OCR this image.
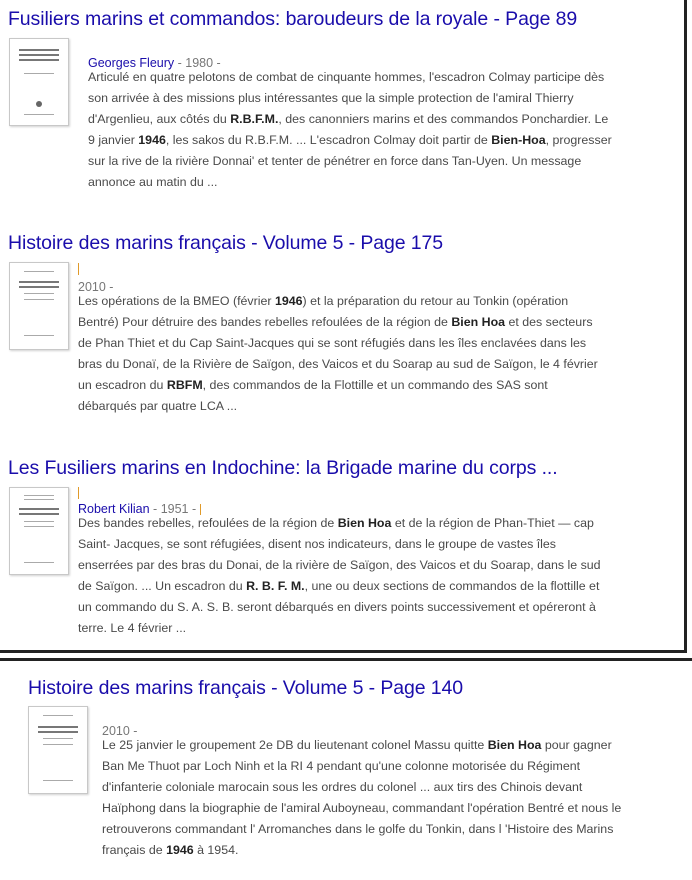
Fusiliers marins et commandos: baroudeurs de la royale - Page 89
Georges Fleury - 1980 -
Articulé en quatre pelotons de combat de cinquante hommes, l'escadron Colmay participe dès
son arrivée à des missions plus intéressantes que la simple protection de l'amiral Thierry
d'Argenlieu, aux côtés du R.B.F.M., des canonniers marins et des commandos Ponchardier. Le
9 janvier 1946, les sakos du R.B.F.M. ... L'escadron Colmay doit partir de Bien-Hoa, progresser
sur la rive de la rivière Donnai' et tenter de pénétrer en force dans Tan-Uyen. Un message
annonce au matin du ...
Histoire des marins français - Volume 5 - Page 175
2010 -
Les opérations de la BMEO (février 1946) et la préparation du retour au Tonkin (opération
Bentré) Pour détruire des bandes rebelles refoulées de la région de Bien Hoa et des secteurs
de Phan Thiet et du Cap Saint-Jacques qui se sont réfugiés dans les îles enclavées dans les
bras du Donaï, de la Rivière de Saïgon, des Vaicos et du Soarap au sud de Saïgon, le 4 février
un escadron du RBFM, des commandos de la Flottille et un commando des SAS sont
débarqués par quatre LCA ...
Les Fusiliers marins en Indochine: la Brigade marine du corps ...
Robert Kilian - 1951 -
Des bandes rebelles, refoulées de la région de Bien Hoa et de la région de Phan-Thiet — cap
Saint- Jacques, se sont réfugiées, disent nos indicateurs, dans le groupe de vastes îles
enserrées par des bras du Donai, de la rivière de Saïgon, des Vaicos et du Soarap, dans le sud
de Saïgon. ... Un escadron du R. B. F. M., une ou deux sections de commandos de la flottille et
un commando du S. A. S. B. seront débarqués en divers points successivement et opéreront à
terre. Le 4 février ...
Histoire des marins français - Volume 5 - Page 140
2010 -
Le 25 janvier le groupement 2e DB du lieutenant colonel Massu quitte Bien Hoa pour gagner
Ban Me Thuot par Loch Ninh et la RI 4 pendant qu'une colonne motorisée du Régiment
d'infanterie coloniale marocain sous les ordres du colonel ... aux tirs des Chinois devant
Haïphong dans la biographie de l'amiral Auboyneau, commandant l'opération Bentré et nous le
retrouverons commandant l' Arromanches dans le golfe du Tonkin, dans l 'Histoire des Marins
français de 1946 à 1954.
